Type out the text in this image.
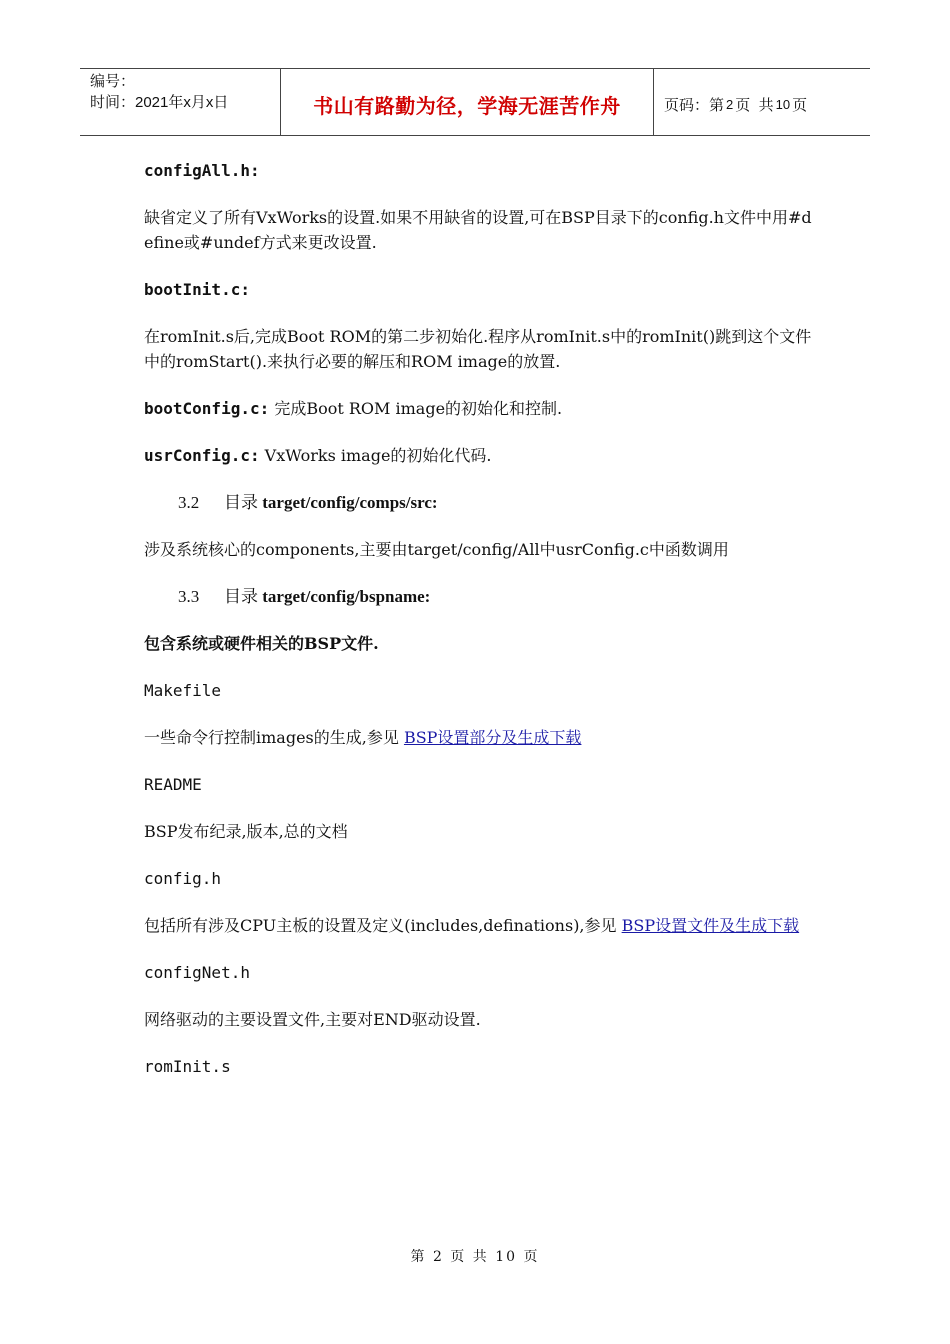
编号：
时间：2021年x月x日	书山有路勤为径，学海无涯苦作舟	页码：第 2 页  共 10 页

configAll.h:

缺省定义了所有VxWorks的设置.如果不用缺省的设置,可在BSP目录下的config.h文件中用#define或#undef方式来更改设置.

bootInit.c:

在romInit.s后,完成Boot ROM的第二步初始化.程序从romInit.s中的romInit()跳到这个文件中的romStart().来执行必要的解压和ROM image的放置.

bootConfig.c: 完成Boot ROM image的初始化和控制.

usrConfig.c: VxWorks image的初始化代码.

3.2 目录 target/config/comps/src:

涉及系统核心的components,主要由target/config/All中usrConfig.c中函数调用

3.3 目录 target/config/bspname:

包含系统或硬件相关的BSP文件.

Makefile

一些命令行控制images的生成,参见 BSP设置部分及生成下载

README

BSP发布纪录,版本,总的文档

config.h

包括所有涉及CPU主板的设置及定义(includes,definations),参见 BSP设置文件及生成下载

configNet.h

网络驱动的主要设置文件,主要对END驱动设置.

romInit.s

第 2 页 共 10 页
